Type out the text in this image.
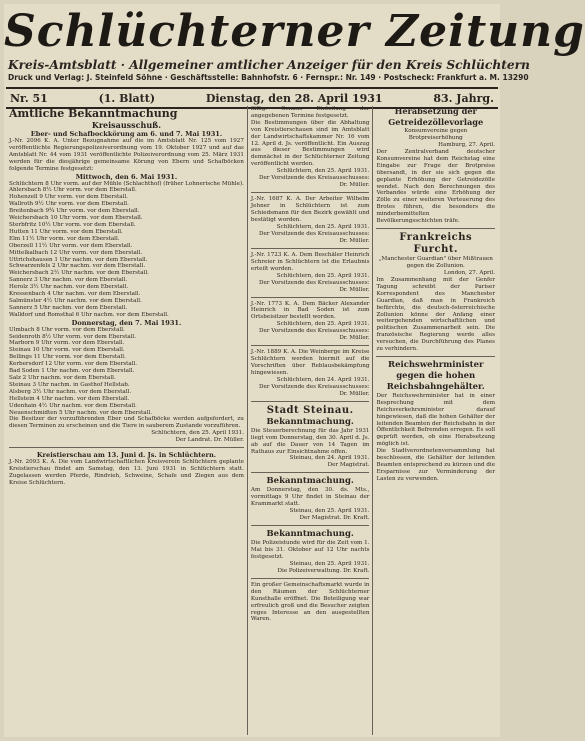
Schlüchterner Zeitung
Kreis-Amtsblatt · Allgemeiner amtlicher Anzeiger für den Kreis Schlüchtern
Druck und Verlag: J. Steinfeld Söhne · Geschäftsstelle: Bahnhofstr. 6 · Fernspr.: Nr. 149 · Postscheck: Frankfurt a. M. 13290
Nr. 51	(1. Blatt)	Dienstag, den 28. April 1931	83. Jahrg.
Amtliche Bekanntmachung
Kreisausschuß.
Eber- und Schafbockkörung am 6. und 7. Mai 1931.

J.-Nr. 2096 K. A. Unter Bezugnahme auf die im Amtsblatt Nr. 125 vom 1927 veröffentlichte Regierungspolizeiverordnung vom 19. Oktober 1927 und auf das Amtsblatt Nr. 44 vom 1931 veröffentlichte Polizeiverordnung vom 25. März 1931 werden für die diesjährige gemeinsame Körung von Ebern und Schafböcken folgende Termine festgesetzt:

Mittwoch, den 6. Mai 1931.
Schlüchtern 8 Uhr vorm. auf der Mühle (Schlachthof) (früher Lohnerische Mühle).
Ahlersbach 8½ Uhr vorm. vor dem Eberstall.
Hohenzell 9 Uhr vorm. vor dem Eberstall.
Wallroth 9½ Uhr vorm. vor dem Eberstall.
Breitenbach 9¾ Uhr vorm. vor dem Eberstall.
Weichersbach 10 Uhr vorm. vor dem Eberstall.
Sterbfritz 10½ Uhr vorm. vor dem Eberstall.
Hutten 11 Uhr vorm. vor dem Eberstall.
Elm 11½ Uhr vorm. vor dem Eberstall.
Oberzell 11½ Uhr vorm. vor dem Eberstall.
Mittelkalbach 12 Uhr vorm. vor dem Eberstall.
Uttrichshausen 1 Uhr nachm. vor dem Eberstall.
Schwarzenfels 2 Uhr nachm. vor dem Eberstall.
Weichersbach 2½ Uhr nachm. vor dem Eberstall.
Sannerz 3 Uhr nachm. vor dem Eberstall.
Herolz 3½ Uhr nachm. vor dem Eberstall.
Kressenbach 4 Uhr nachm. vor dem Eberstall.
Salmünster 4½ Uhr nachm. vor dem Eberstall.
Sannerz 5 Uhr nachm. vor dem Eberstall.
Walldorf und Romsthal 6 Uhr nachm. vor dem Eberstall.
Donnerstag, den 7. Mai 1931.
Ulmbach 8 Uhr vorm. vor dem Eberstall.
Seidenroth 8½ Uhr vorm. vor dem Eberstall.
Marborn 9 Uhr vorm. vor dem Eberstall.
Steinau 10 Uhr vorm. vor dem Eberstall.
Bellings 11 Uhr vorm. vor dem Eberstall.
Kerbersdorf 12 Uhr vorm. vor dem Eberstall.
Bad Soden 1 Uhr nachm. vor dem Eberstall.
Salz 2 Uhr nachm. vor dem Eberstall.
Steinau 3 Uhr nachm. in Gasthof Hellstab.
Alsberg 3½ Uhr nachm. vor dem Eberstall.
Hellstein 4 Uhr nachm. vor dem Eberstall.
Udenhain 4½ Uhr nachm. vor dem Eberstall.
Neuenschmidten 5 Uhr nachm. vor dem Eberstall.

Die Besitzer der vorzuführenden Eber und Schafböcke werden aufgefordert, zu diesen Terminen zu erscheinen und die Tiere in sauberem Zustande vorzuführen.

Schlüchtern, den 25. April 1931.
Der Landrat. Dr. Müller.
Kreistierschau am 13. Juni d. Js. in Schlüchtern.

J.-Nr. 2093 K. A. Die vom Landwirtschaftlichen Kreisverein Schlüchtern geplante Kreistierschau findet am Samstag, den 13. Juni 1931 in Schlüchtern statt. Zugelassen werden Pferde, Rindvieh, Schweine, Schafe und Ziegen aus dem Kreise Schlüchtern.

fällig. Genaue Einteilung der angegebenen Termine festgesetzt.

Die Bestimmungen über die Abhaltung von Kreistierschauen sind im Amtsblatt der Landwirtschaftskammer Nr. 16 vom 12. April d. Js. veröffentlicht. Ein Auszug aus dieser Bestimmungen wird demnächst in der Schlüchterner Zeitung veröffentlicht werden.

Schlüchtern, den 25. April 1931.
Der Vorsitzende des Kreisausschusses: Dr. Müller.

J.-Nr. 1687 K. A. Der Arbeiter Wilhelm Jehner in Schlüchtern ist zum Schiedsmann für den Bezirk gewählt und bestätigt worden.

Schlüchtern, den 25. April 1931.
Der Vorsitzende des Kreisausschusses: Dr. Müller.

J.-Nr. 1723 K. A. Dem Beschäler Heinrich Schreier in Schlüchtern ist die Erlaubnis erteilt worden.

Schlüchtern, den 25. April 1931.
Der Vorsitzende des Kreisausschusses: Dr. Müller.

J.-Nr. 1773 K. A. Dem Bäcker Alexander Heinrich in Bad Soden ist zum Ortsbeisitzer bestellt worden.

Schlüchtern, den 25. April 1931.
Der Vorsitzende des Kreisausschusses: Dr. Müller.

J.-Nr. 1889 K. A. Die Weinberge im Kreise Schlüchtern werden hiermit auf die Vorschriften über Reblausbekämpfung hingewiesen.

Schlüchtern, den 24. April 1931.
Der Vorsitzende des Kreisausschusses: Dr. Müller.
Stadt Steinau.
Bekanntmachung.

Die Steuerberechnung für das Jahr 1931 liegt vom Donnerstag, den 30. April d. Js. ab auf die Dauer von 14 Tagen im Rathaus zur Einsichtnahme offen.

Steinau, den 24. April 1931.
Der Magistrat.
Bekanntmachung.

Am Donnerstag, den 30. ds. Mts., vormittags 9 Uhr findet in Steinau der Krammarkt statt.

Steinau, den 25. April 1931.
Der Magistrat. Dr. Kraft.
Bekanntmachung.

Die Polizeistunde wird für die Zeit vom 1. Mai bis 31. Oktober auf 12 Uhr nachts festgesetzt.

Steinau, den 25. April 1931.
Die Polizeiverwaltung. Dr. Kraft.

Ein großer Gemeinschaftsmarkt wurde in den Räumen der Schlüchterner Kunsthalle eröffnet. Die Beteiligung war erfreulich groß und die Besucher zeigten reges Interesse an den ausgestellten Waren.

Herabsetzung der Getreidezöllevorlage
Konsumvereine gegen Brotpreiserhöhung
Hamburg, 27. April.

Der Zentralverband deutscher Konsumvereine hat dem Reichstag eine Eingabe zur Frage der Brotpreise übersandt, in der sie sich gegen die geplante Erhöhung der Getreidezölle wendet. Nach den Berechnungen des Verbandes würde eine Erhöhung der Zölle zu einer weiteren Verteuerung des Brotes führen, die besonders die minderbemittelten Bevölkerungsschichten träfe.

Frankreichs Furcht.
„Manchester Guardian" über Mißtrauen gegen die Zollunion.
London, 27. April.

Im Zusammenhang mit der Genfer Tagung schreibt der Pariser Korrespondent des Manchester Guardian, daß man in Frankreich befürchte, die deutsch-österreichische Zollunion könne der Anfang einer weitergehenden wirtschaftlichen und politischen Zusammenarbeit sein. Die französische Regierung werde alles versuchen, die Durchführung des Planes zu verhindern.

Reichswehrminister gegen die hohen Reichsbahngehälter.

Der Reichswehrminister hat in einer Besprechung mit dem Reichsverkehrsminister darauf hingewiesen, daß die hohen Gehälter der leitenden Beamten der Reichsbahn in der Öffentlichkeit Befremden erregen. Es soll geprüft werden, ob eine Herabsetzung möglich ist.

Die Stadtverordnetenversammlung hat beschlossen, die Gehälter der leitenden Beamten entsprechend zu kürzen und die Ersparnisse zur Verminderung der Lasten zu verwenden.
